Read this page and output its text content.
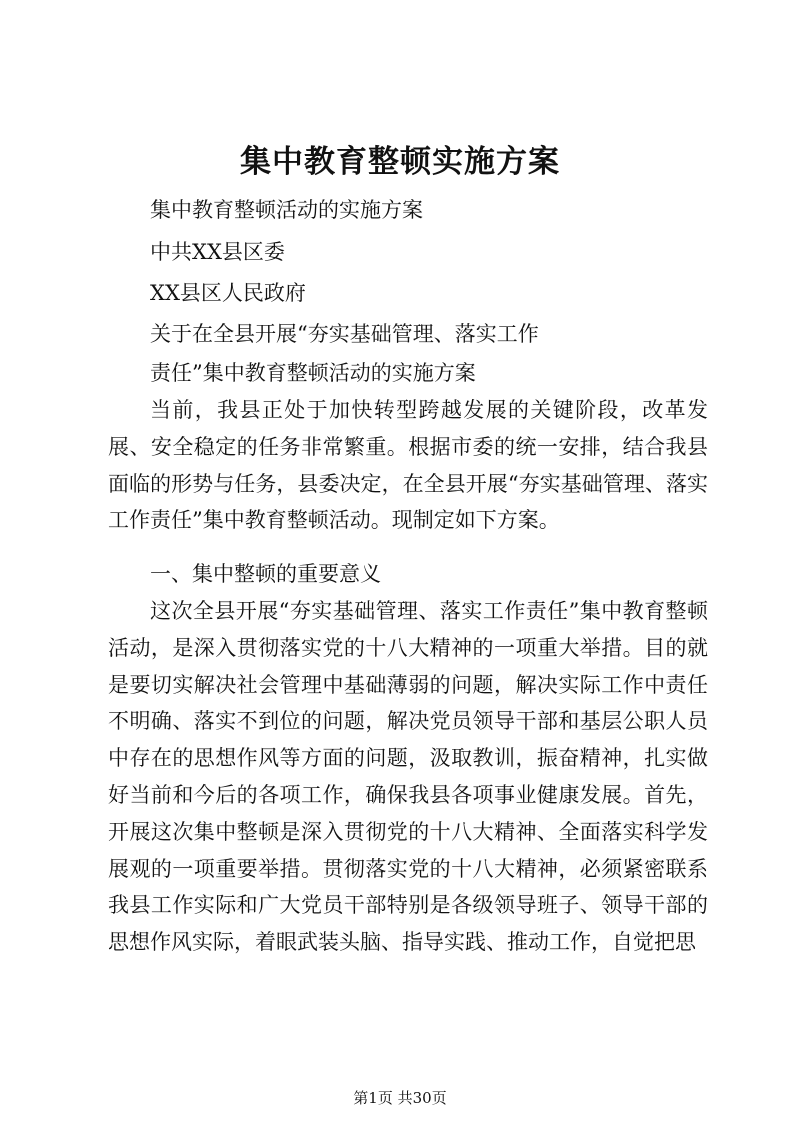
集中教育整顿实施方案
集中教育整顿活动的实施方案
中共XX县区委
XX县区人民政府
关于在全县开展“夯实基础管理、落实工作
责任”集中教育整顿活动的实施方案
当前，我县正处于加快转型跨越发展的关键阶段，改革发展、安全稳定的任务非常繁重。根据市委的统一安排，结合我县面临的形势与任务，县委决定，在全县开展“夯实基础管理、落实工作责任”集中教育整顿活动。现制定如下方案。
一、集中整顿的重要意义
这次全县开展“夯实基础管理、落实工作责任”集中教育整顿活动，是深入贯彻落实党的十八大精神的一项重大举措。目的就是要切实解决社会管理中基础薄弱的问题，解决实际工作中责任不明确、落实不到位的问题，解决党员领导干部和基层公职人员中存在的思想作风等方面的问题，汲取教训，振奋精神，扎实做好当前和今后的各项工作，确保我县各项事业健康发展。首先，开展这次集中整顿是深入贯彻党的十八大精神、全面落实科学发展观的一项重要举措。贯彻落实党的十八大精神，必须紧密联系我县工作实际和广大党员干部特别是各级领导班子、领导干部的思想作风实际，着眼武装头脑、指导实践、推动工作，自觉把思
第1页 共30页
